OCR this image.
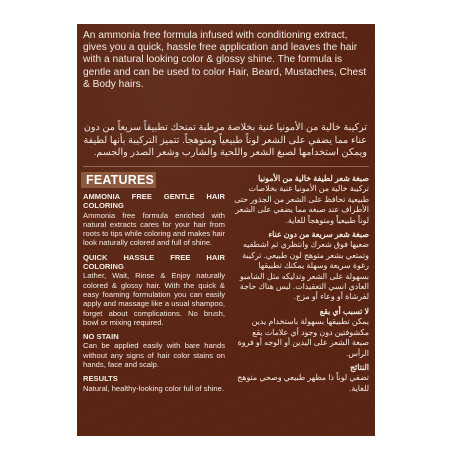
An ammonia free formula infused with conditioning extract, gives you a quick, hassle free application and leaves the hair with a natural looking color & glossy shine. The formula is gentle and can be used to color Hair, Beard, Mustaches, Chest & Body hairs.

تركيبة خالية من الأمونيا غنية بخلاصة مرطبة تمنحك تطبيقاً سريعاً من دون عناء مما يضفي على الشعر لوناً طبيعياً ومتوهجاً. تتميز التركيبة بأنها لطيفة ويمكن استخدامها لصبغ الشعر واللحية والشارب وشعر الصدر والجسم.

FEATURES
AMMONIA FREE GENTLE HAIR COLORING

Ammonia free formula enriched with natural extracts cares for your hair from roots to tips while coloring and makes hair look naturally colored and full of shine.

QUICK HASSLE FREE HAIR COLORING

Lather, Wait, Rinse & Enjoy naturally colored & glossy hair. With the quick & easy foaming formulation you can easily apply and massage like a usual shampoo, forget about complications. No brush, bowl or mixing required.

NO STAIN

Can be applied easily with bare hands without any signs of hair color stains on hands, face and scalp.

RESULTS

Natural, healthy-looking color full of shine.

صبغة شعر لطيفة خالية من الأمونيا

تركيبة خالية من الأمونيا غنية بخلاصات طبيعية تحافظ على الشعر من الجذور حتى الأطراف عند صبغه مما يضفي على الشعر لوناً طبيعياً ومتوهجاً للغاية.

صبغة شعر سريعة من دون عناء

ضعيها فوق شعرك وانتظري ثم اشطفيه وتمتعي بشعر متوهج لون طبيعي. تركيبة رغوة سريعة وسهلة يمكنك تطبيقها بسهولة على الشعر وتدليكه مثل الشامبو العادي انسي التعقيدات. ليس هناك حاجة لفرشاة أو وعاء أو مزج.

لا تسبب أي بقع

يمكن تطبيقها بسهولة باستخدام يدين مكشوفتين دون وجود أي علامات بقع صبغة الشعر على اليدين أو الوجه أو فروة الرأس.

النتائج

تضفي لوناً ذا مظهر طبيعي وصحي متوهج للغاية.
